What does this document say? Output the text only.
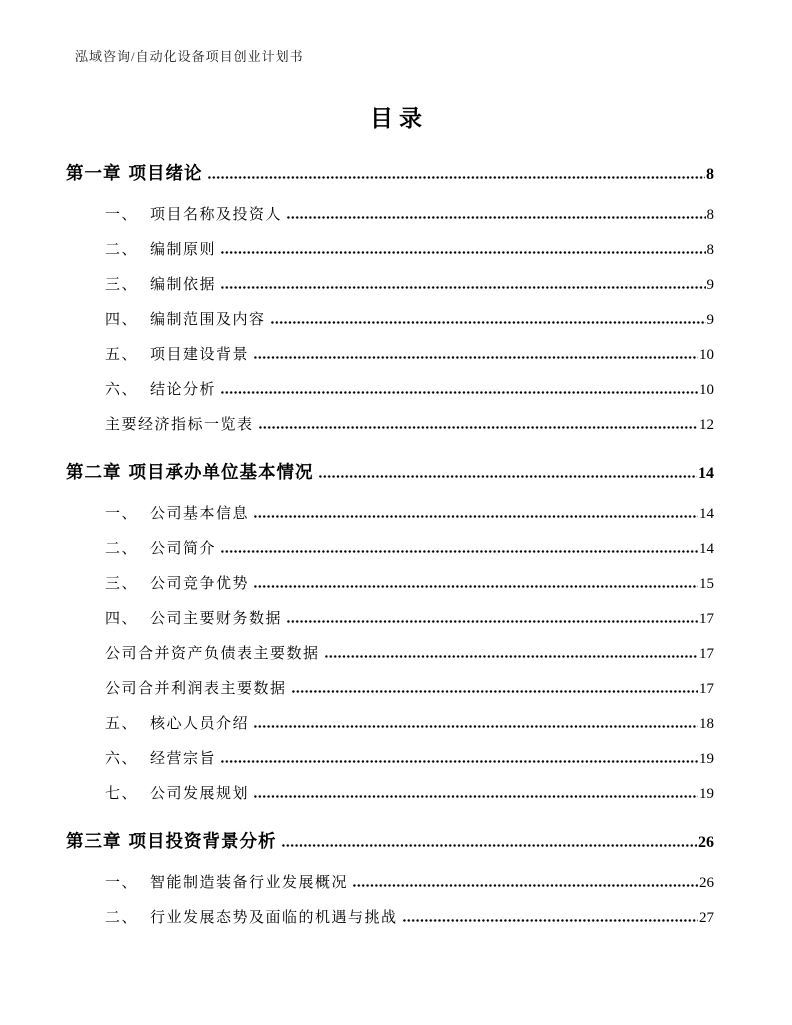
泓域咨询/自动化设备项目创业计划书
目录
第一章 项目绪论	8
一、 项目名称及投资人	8
二、 编制原则	8
三、 编制依据	9
四、 编制范围及内容	9
五、 项目建设背景	10
六、 结论分析	10
主要经济指标一览表	12
第二章 项目承办单位基本情况	14
一、 公司基本信息	14
二、 公司简介	14
三、 公司竞争优势	15
四、 公司主要财务数据	17
公司合并资产负债表主要数据	17
公司合并利润表主要数据	17
五、 核心人员介绍	18
六、 经营宗旨	19
七、 公司发展规划	19
第三章 项目投资背景分析	26
一、 智能制造装备行业发展概况	26
二、 行业发展态势及面临的机遇与挑战	27
